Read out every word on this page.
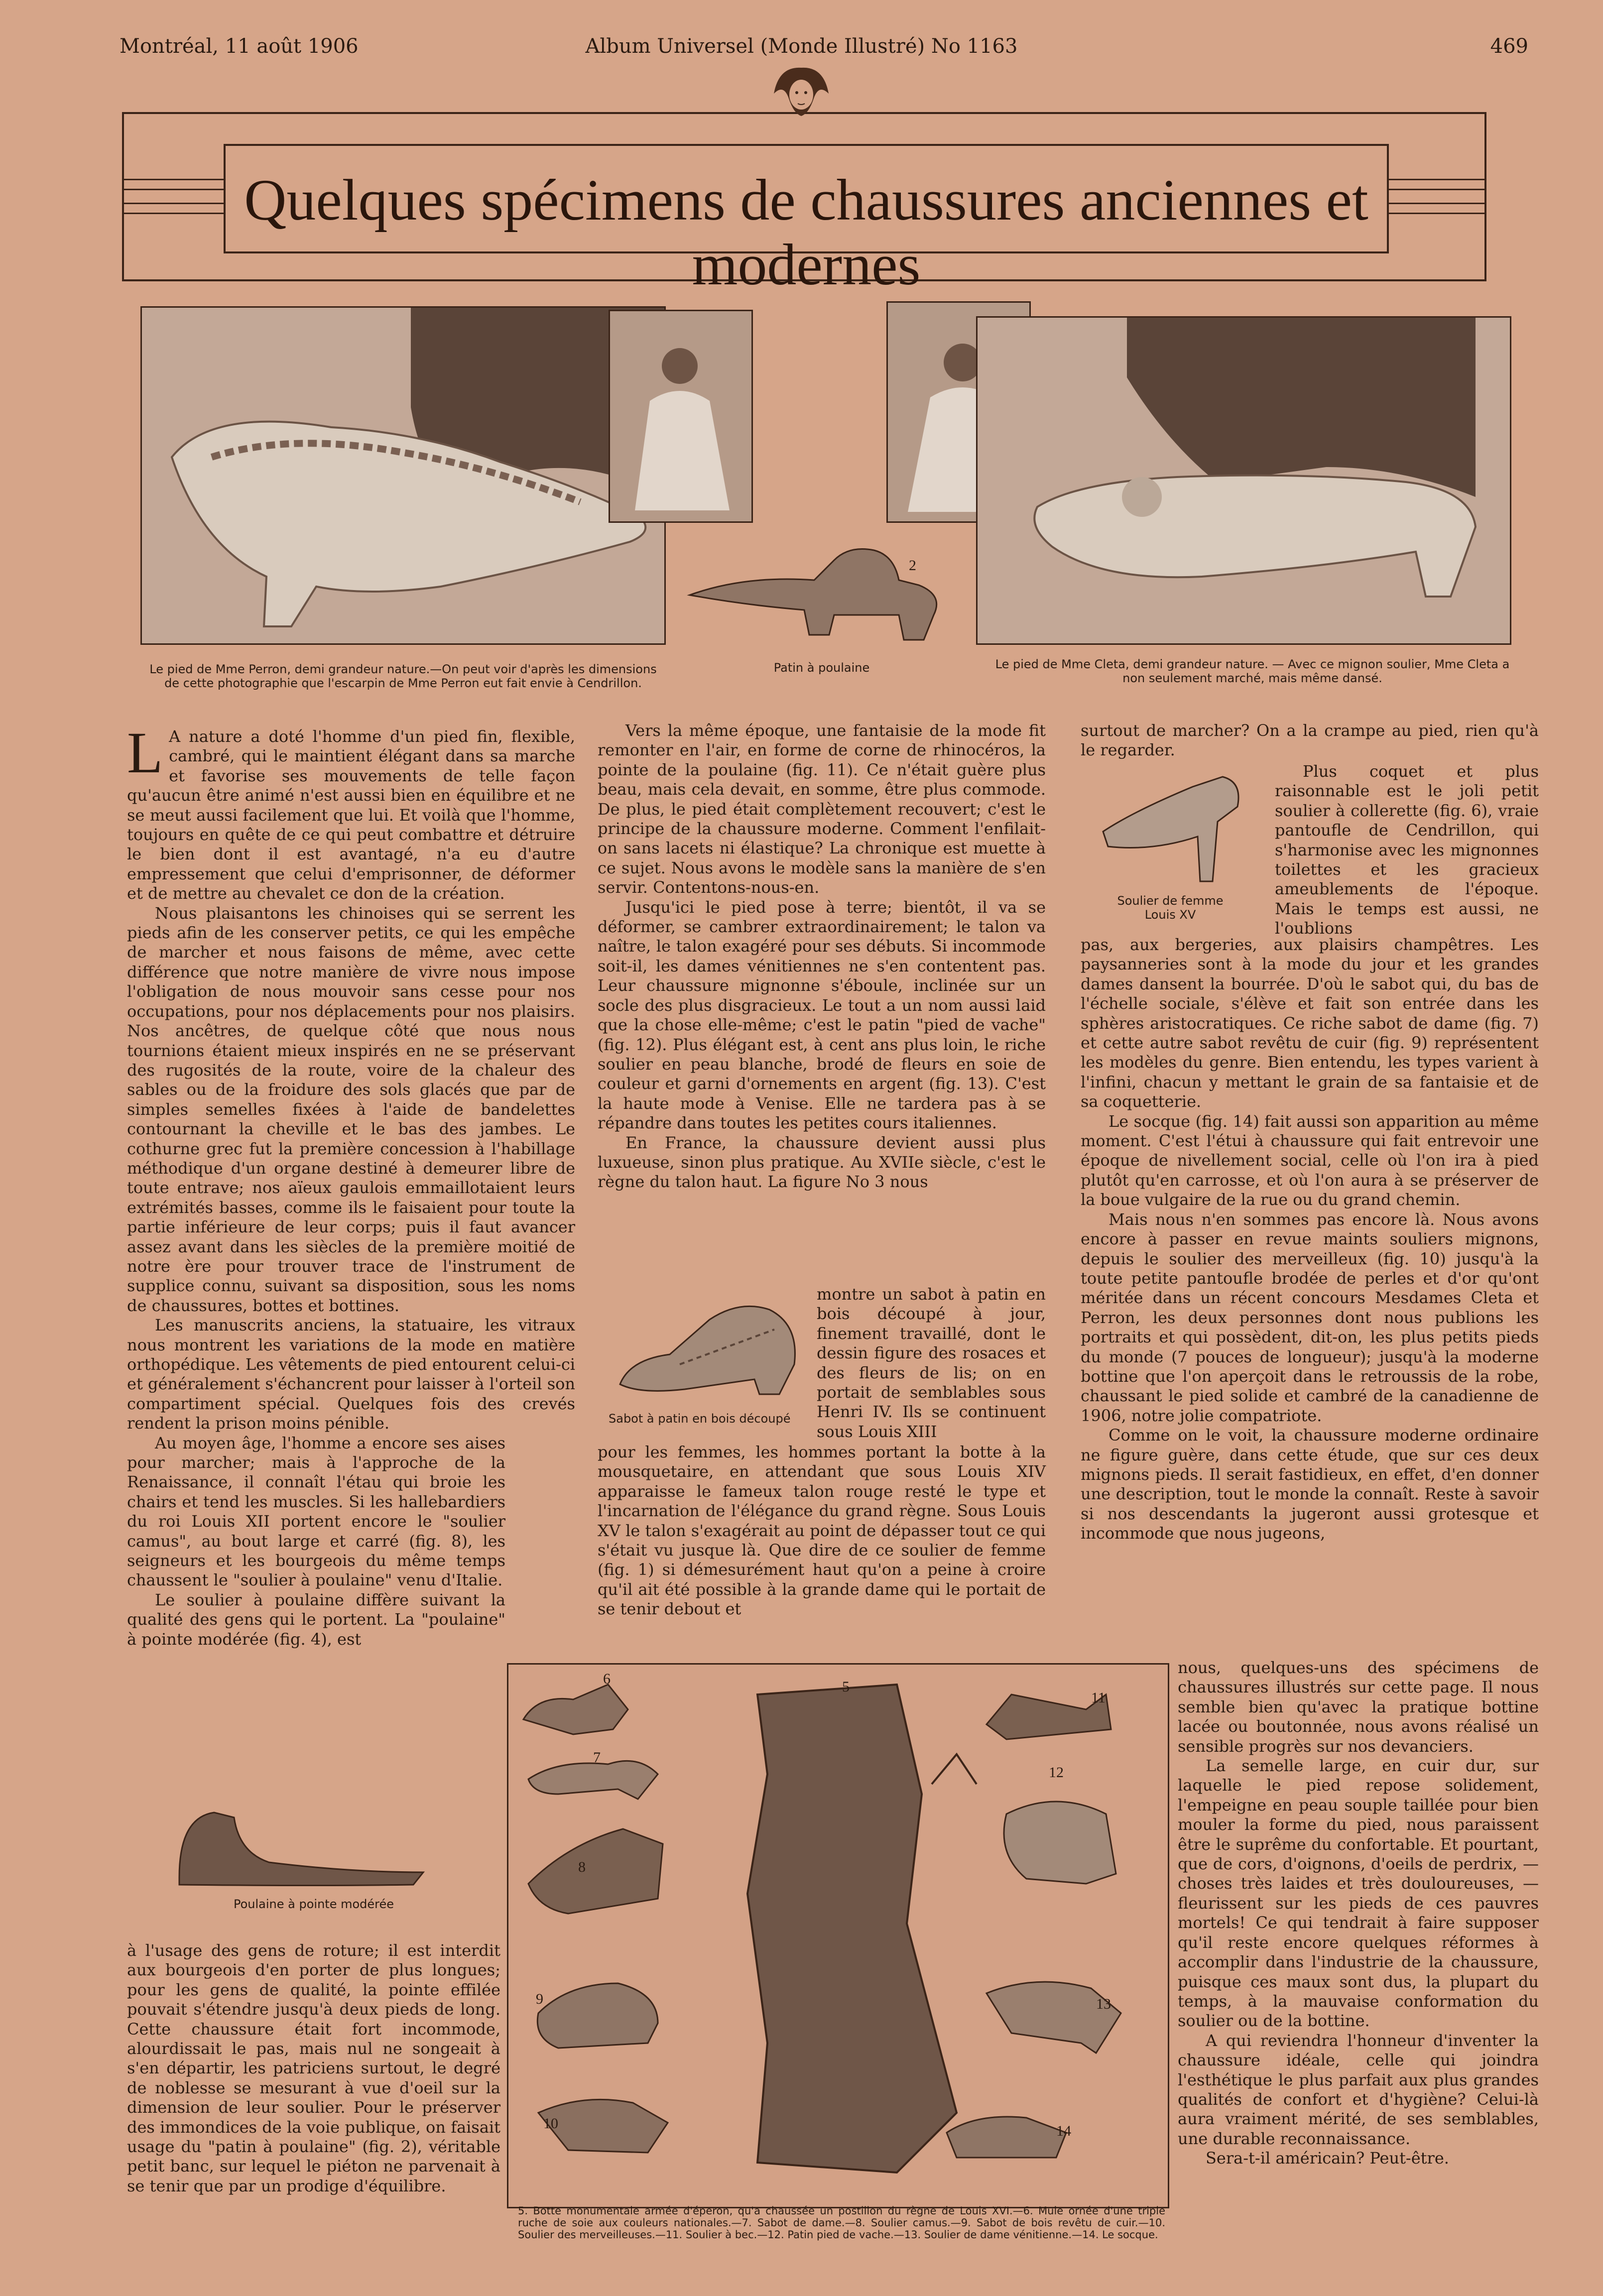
Montréal, 11 août 1906	Album Universel (Monde Illustré) No 1163	469
Quelques spécimens de chaussures anciennes et modernes
2
Le pied de Mme Perron, demi grandeur nature.—On peut voir d'après les dimensions de cette photographie que l'escarpin de Mme Perron eut fait envie à Cendrillon.
Patin à poulaine	Le pied de Mme Cleta, demi grandeur nature. — Avec ce mignon soulier, Mme Cleta a non seulement marché, mais même dansé.

L A nature a doté l'homme d'un pied fin, flexible, cambré, qui le maintient élégant dans sa marche et favorise ses mouvements de telle façon qu'aucun être animé n'est aussi bien en équilibre et ne se meut aussi facilement que lui. Et voilà que l'homme, toujours en quête de ce qui peut combattre et détruire le bien dont il est avantagé, n'a eu d'autre empressement que celui d'emprisonner, de déformer et de mettre au chevalet ce don de la création.

Nous plaisantons les chinoises qui se serrent les pieds afin de les conserver petits, ce qui les empêche de marcher et nous faisons de même, avec cette différence que notre manière de vivre nous impose l'obligation de nous mouvoir sans cesse pour nos occupations, pour nos déplacements pour nos plaisirs. Nos ancêtres, de quelque côté que nous nous tournions étaient mieux inspirés en ne se préservant des rugosités de la route, voire de la chaleur des sables ou de la froidure des sols glacés que par de simples semelles fixées à l'aide de bandelettes contournant la cheville et le bas des jambes. Le cothurne grec fut la première concession à l'habillage méthodique d'un organe destiné à demeurer libre de toute entrave; nos aïeux gaulois emmaillotaient leurs extrémités basses, comme ils le faisaient pour toute la partie inférieure de leur corps; puis il faut avancer assez avant dans les siècles de la première moitié de notre ère pour trouver trace de l'instrument de supplice connu, suivant sa disposition, sous les noms de chaussures, bottes et bottines.

Les manuscrits anciens, la statuaire, les vitraux nous montrent les variations de la mode en matière orthopédique. Les vêtements de pied entourent celui-ci et généralement s'échancrent pour laisser à l'orteil son compartiment spécial. Quelques fois des crevés rendent la prison moins pénible.

Au moyen âge, l'homme a encore ses aises pour marcher; mais à l'approche de la Renaissance, il connaît l'étau qui broie les chairs et tend les muscles. Si les hallebardiers du roi Louis XII portent encore le "soulier camus", au bout large et carré (fig. 8), les seigneurs et les bourgeois du même temps chaussent le "soulier à poulaine" venu d'Italie.

Le soulier à poulaine diffère suivant la qualité des gens qui le portent. La "poulaine" à pointe modérée (fig. 4), est

Poulaine à pointe modérée

à l'usage des gens de roture; il est interdit aux bourgeois d'en porter de plus longues; pour les gens de qualité, la pointe effilée pouvait s'étendre jusqu'à deux pieds de long. Cette chaussure était fort incommode, alourdissait le pas, mais nul ne songeait à s'en départir, les patriciens surtout, le degré de noblesse se mesurant à vue d'oeil sur la dimension de leur soulier. Pour le préserver des immondices de la voie publique, on faisait usage du "patin à poulaine" (fig. 2), véritable petit banc, sur lequel le piéton ne parvenait à se tenir que par un prodige d'équilibre.

Vers la même époque, une fantaisie de la mode fit remonter en l'air, en forme de corne de rhinocéros, la pointe de la poulaine (fig. 11). Ce n'était guère plus beau, mais cela devait, en somme, être plus commode. De plus, le pied était complètement recouvert; c'est le principe de la chaussure moderne. Comment l'enfilait-on sans lacets ni élastique? La chronique est muette à ce sujet. Nous avons le modèle sans la manière de s'en servir. Contentons-nous-en.

Jusqu'ici le pied pose à terre; bientôt, il va se déformer, se cambrer extraordinairement; le talon va naître, le talon exagéré pour ses débuts. Si incommode soit-il, les dames vénitiennes ne s'en contentent pas. Leur chaussure mignonne s'éboule, inclinée sur un socle des plus disgracieux. Le tout a un nom aussi laid que la chose elle-même; c'est le patin "pied de vache" (fig. 12). Plus élégant est, à cent ans plus loin, le riche soulier en peau blanche, brodé de fleurs en soie de couleur et garni d'ornements en argent (fig. 13). C'est la haute mode à Venise. Elle ne tardera pas à se répandre dans toutes les petites cours italiennes.

En France, la chaussure devient aussi plus luxueuse, sinon plus pratique. Au XVIIe siècle, c'est le règne du talon haut. La figure No 3 nous

Sabot à patin en bois découpé

montre un sabot à patin en bois découpé à jour, finement travaillé, dont le dessin figure des rosaces et des fleurs de lis; on en portait de semblables sous Henri IV. Ils se continuent sous Louis XIII

pour les femmes, les hommes portant la botte à la mousquetaire, en attendant que sous Louis XIV apparaisse le fameux talon rouge resté le type et l'incarnation de l'élégance du grand règne. Sous Louis XV le talon s'exagérait au point de dépasser tout ce qui s'était vu jusque là. Que dire de ce soulier de femme (fig. 1) si démesurément haut qu'on a peine à croire qu'il ait été possible à la grande dame qui le portait de se tenir debout et

surtout de marcher? On a la crampe au pied, rien qu'à le regarder.

Soulier de femme Louis XV

Plus coquet et plus raisonnable est le joli petit soulier à collerette (fig. 6), vraie pantoufle de Cendrillon, qui s'harmonise avec les mignonnes toilettes et les gracieux ameublements de l'époque. Mais le temps est aussi, ne l'oublions

pas, aux bergeries, aux plaisirs champêtres. Les paysanneries sont à la mode du jour et les grandes dames dansent la bourrée. D'où le sabot qui, du bas de l'échelle sociale, s'élève et fait son entrée dans les sphères aristocratiques. Ce riche sabot de dame (fig. 7) et cette autre sabot revêtu de cuir (fig. 9) représentent les modèles du genre. Bien entendu, les types varient à l'infini, chacun y mettant le grain de sa fantaisie et de sa coquetterie.

Le socque (fig. 14) fait aussi son apparition au même moment. C'est l'étui à chaussure qui fait entrevoir une époque de nivellement social, celle où l'on ira à pied plutôt qu'en carrosse, et où l'on aura à se préserver de la boue vulgaire de la rue ou du grand chemin.

Mais nous n'en sommes pas encore là. Nous avons encore à passer en revue maints souliers mignons, depuis le soulier des merveilleux (fig. 10) jusqu'à la toute petite pantoufle brodée de perles et d'or qu'ont méritée dans un récent concours Mesdames Cleta et Perron, les deux personnes dont nous publions les portraits et qui possèdent, dit-on, les plus petits pieds du monde (7 pouces de longueur); jusqu'à la moderne bottine que l'on aperçoit dans le retroussis de la robe, chaussant le pied solide et cambré de la canadienne de 1906, notre jolie compatriote.

Comme on le voit, la chaussure moderne ordinaire ne figure guère, dans cette étude, que sur ces deux mignons pieds. Il serait fastidieux, en effet, d'en donner une description, tout le monde la connaît. Reste à savoir si nos descendants la jugeront aussi grotesque et incommode que nous jugeons,

nous, quelques-uns des spécimens de chaussures illustrés sur cette page. Il nous semble bien qu'avec la pratique bottine lacée ou boutonnée, nous avons réalisé un sensible progrès sur nos devanciers.

La semelle large, en cuir dur, sur laquelle le pied repose solidement, l'empeigne en peau souple taillée pour bien mouler la forme du pied, nous paraissent être le suprême du confortable. Et pourtant, que de cors, d'oignons, d'oeils de perdrix, — choses très laides et très douloureuses, — fleurissent sur les pieds de ces pauvres mortels! Ce qui tendrait à faire supposer qu'il reste encore quelques réformes à accomplir dans l'industrie de la chaussure, puisque ces maux sont dus, la plupart du temps, à la mauvaise conformation du soulier ou de la bottine.

A qui reviendra l'honneur d'inventer la chaussure idéale, celle qui joindra l'esthétique le plus parfait aux plus grandes qualités de confort et d'hygiène? Celui-là aura vraiment mérité, de ses semblables, une durable reconnaissance.

Sera-t-il américain? Peut-être.

6	5
11
7
12
8
9	13
10	14
5. Botte monumentale armée d'éperon, qu'a chaussée un postillon du règne de Louis XVI.—6. Mule ornée d'une triple ruche de soie aux couleurs nationales.—7. Sabot de dame.—8. Soulier camus.—9. Sabot de bois revêtu de cuir.—10. Soulier des merveilleuses.—11. Soulier à bec.—12. Patin pied de vache.—13. Soulier de dame vénitienne.—14. Le socque.
